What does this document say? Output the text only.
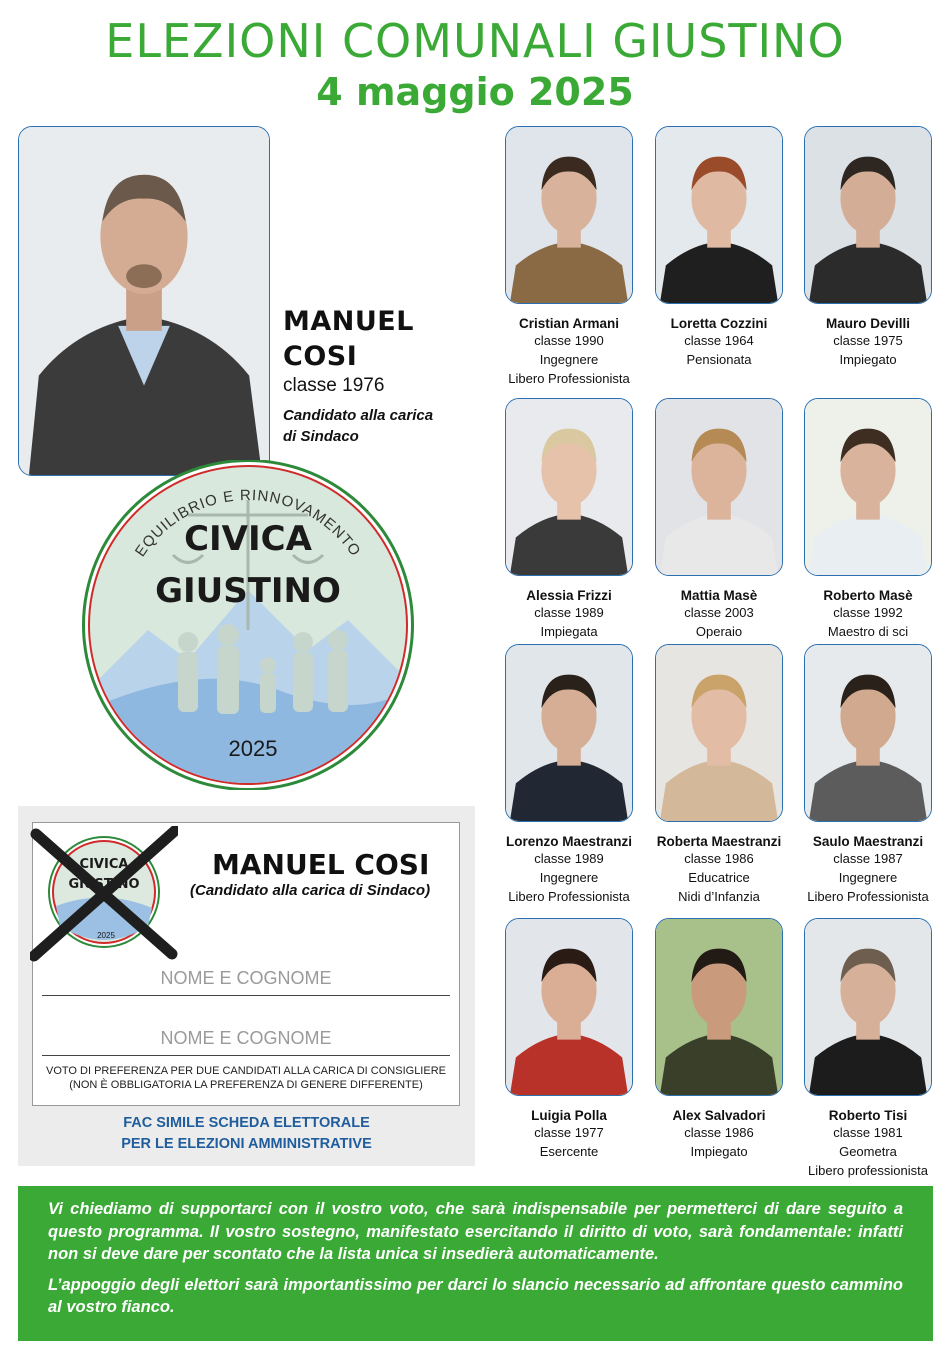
ELEZIONI COMUNALI GIUSTINO
4 maggio 2025
MANUEL
COSI
classe 1976
Candidato alla carica
di Sindaco
EQUILIBRIO E RINNOVAMENTO
CIVICA
GIUSTINO
2025
Cristian Armani
classe 1990
Ingegnere
Libero Professionista
Loretta Cozzini
classe 1964
Pensionata
Mauro Devilli
classe 1975
Impiegato
Alessia Frizzi
classe 1989
Impiegata
Mattia Masè
classe 2003
Operaio
Roberto Masè
classe 1992
Maestro di sci
Lorenzo Maestranzi
classe 1989
Ingegnere
Libero Professionista
Roberta Maestranzi
classe 1986
Educatrice
Nidi d’Infanzia
Saulo Maestranzi
classe 1987
Ingegnere
Libero Professionista
Luigia Polla
classe 1977
Esercente
Alex Salvadori
classe 1986
Impiegato
Roberto Tisi
classe 1981
Geometra
Libero professionista
CIVICA
GIUSTINO
2025
MANUEL COSI
(Candidato alla carica di Sindaco)
NOME E COGNOME
NOME E COGNOME
VOTO DI PREFERENZA PER DUE CANDIDATI ALLA CARICA DI CONSIGLIERE
(NON È OBBLIGATORIA LA PREFERENZA DI GENERE DIFFERENTE)
FAC SIMILE SCHEDA ELETTORALE
PER LE ELEZIONI AMMINISTRATIVE

Vi chiediamo di supportarci con il vostro voto, che sarà indispensabile per permetterci di dare seguito a questo programma. Il vostro sostegno, manifestato esercitando il diritto di voto, sarà fondamentale: infatti non si deve dare per scontato che la lista unica si insedierà automaticamente.

L’appoggio degli elettori sarà importantissimo per darci lo slancio necessario ad affrontare questo cammino al vostro fianco.
